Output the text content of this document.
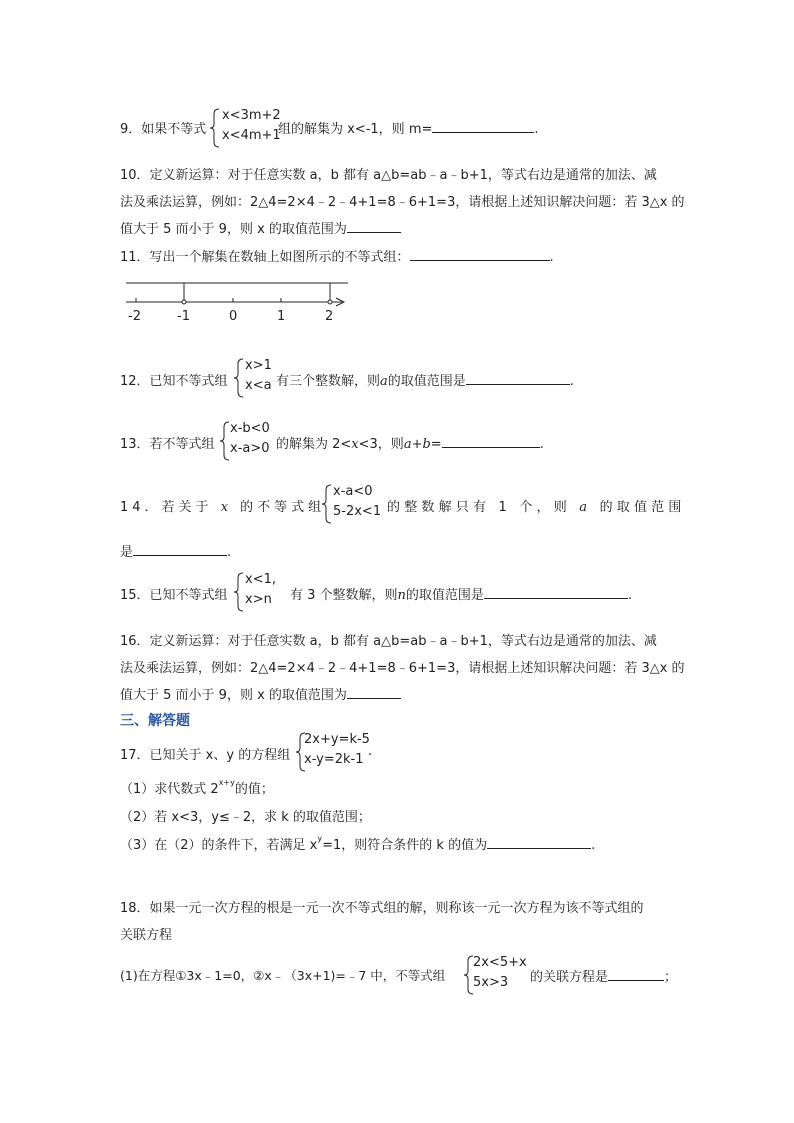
9．如果不等式
x<3m+2
x<4m+1
组的解集为 x<-1，则 m=	.
10．定义新运算：对于任意实数 a，b 都有 a△b=ab﹣a﹣b+1，等式右边是通常的加法、减
法及乘法运算，例如：2△4=2×4﹣2﹣4+1=8﹣6+1=3，请根据上述知识解决问题：若 3△x 的
值大于 5 而小于 9，则 x 的取值范围为
11．写出一个解集在数轴上如图所示的不等式组：	.
-2	-1	0	1	2
12．已知不等式组
x>1
x<a 有三个整数解，则a的取值范围是	.
13．若不等式组
x-b<0
x-a>0 的解集为 2<x<3，则a+b=	.
14．若关于 x 的不等式组
x-a<0
5-2x<1 的整数解只有 1 个，则 a 的取值范围
是	.
15．已知不等式组
x<1,
x>n	有 3 个整数解，则n的取值范围是	.
16．定义新运算：对于任意实数 a，b 都有 a△b=ab﹣a﹣b+1，等式右边是通常的加法、减
法及乘法运算，例如：2△4=2×4﹣2﹣4+1=8﹣6+1=3，请根据上述知识解决问题：若 3△x 的
值大于 5 而小于 9，则 x 的取值范围为
三、解答题
17．已知关于 x、y 的方程组
2x+y=k-5
x-y=2k-1
.
（1）求代数式 $2^{x+y}$的值；
（2）若 x<3，y≤﹣2，求 k 的取值范围；
（3）在（2）的条件下，若满足 $x^y=1$，则符合条件的 k 的值为	.
18．如果一元一次方程的根是一元一次不等式组的解，则称该一元一次方程为该不等式组的
关联方程
(1)在方程①3x﹣1=0，②x﹣（3x+1)=﹣7 中，不等式组
2x<5+x
5x>3	的关联方程是	；
